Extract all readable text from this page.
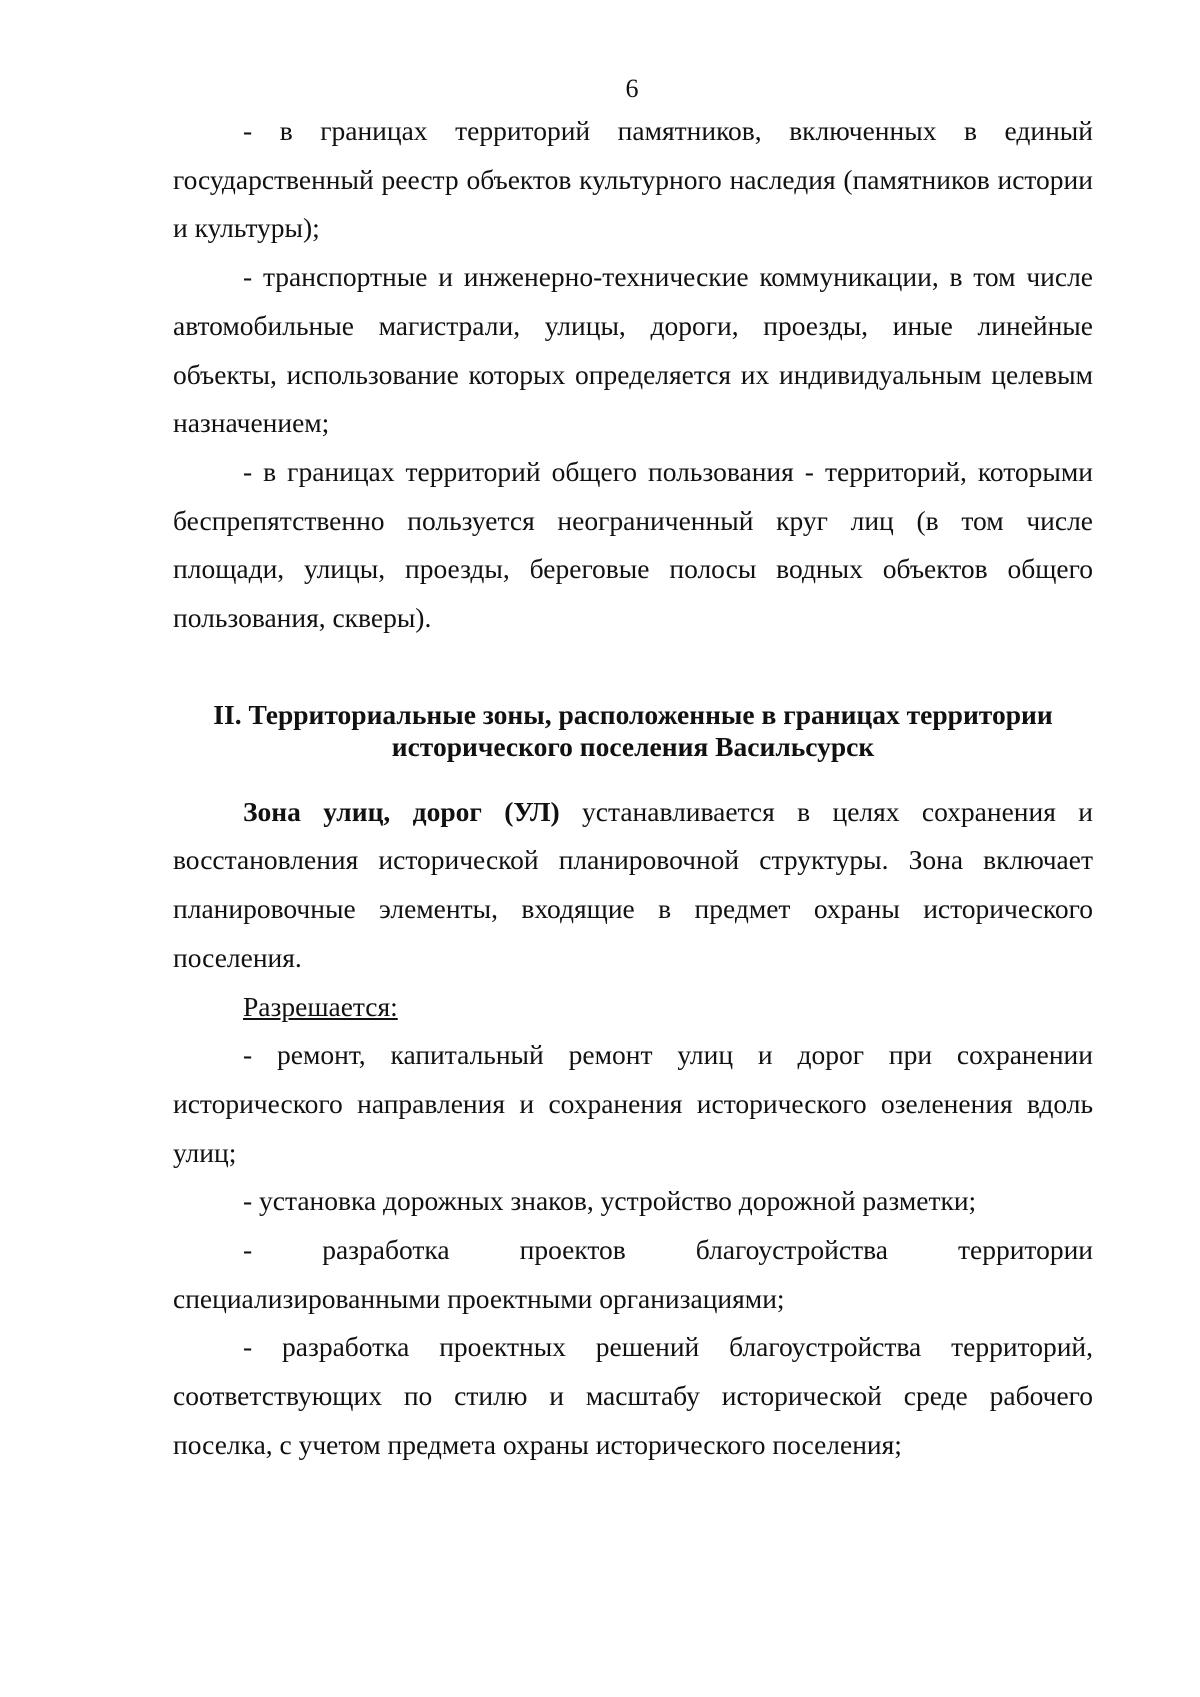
6

- в границах территорий памятников, включенных в единый государственный реестр объектов культурного наследия (памятников истории и культуры);

- транспортные и инженерно-технические коммуникации, в том числе автомобильные магистрали, улицы, дороги, проезды, иные линейные объекты, использование которых определяется их индивидуальным целевым назначением;

- в границах территорий общего пользования - территорий, которыми беспрепятственно пользуется неограниченный круг лиц (в том числе площади, улицы, проезды, береговые полосы водных объектов общего пользования, скверы).

II. Территориальные зоны, расположенные в границах территории
исторического поселения Васильсурск

Зона улиц, дорог (УЛ) устанавливается в целях сохранения и восстановления исторической планировочной структуры. Зона включает планировочные элементы, входящие в предмет охраны исторического поселения.

Разрешается:

- ремонт, капитальный ремонт улиц и дорог при сохранении исторического направления и сохранения исторического озеленения вдоль улиц;

- установка дорожных знаков, устройство дорожной разметки;

- разработка проектов благоустройства территории специализированными проектными организациями;

- разработка проектных решений благоустройства территорий, соответствующих по стилю и масштабу исторической среде рабочего поселка, с учетом предмета охраны исторического поселения;
